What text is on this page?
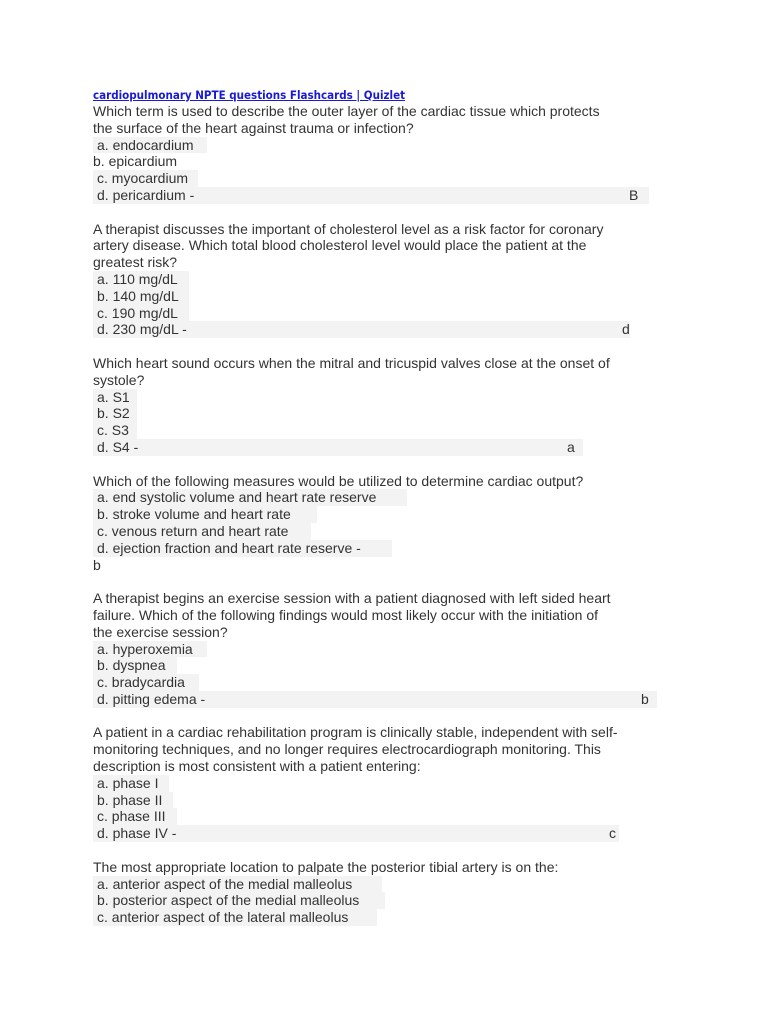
cardiopulmonary NPTE questions Flashcards | Quizlet
Which term is used to describe the outer layer of the cardiac tissue which protects
the surface of the heart against trauma or infection?
a. endocardium
b. epicardium
c. myocardium
d. pericardium -	B
A therapist discusses the important of cholesterol level as a risk factor for coronary
artery disease. Which total blood cholesterol level would place the patient at the
greatest risk?
a. 110 mg/dL
b. 140 mg/dL
c. 190 mg/dL
d. 230 mg/dL -	d
Which heart sound occurs when the mitral and tricuspid valves close at the onset of
systole?
a. S1
b. S2
c. S3
d. S4 -	a
Which of the following measures would be utilized to determine cardiac output?
a. end systolic volume and heart rate reserve
b. stroke volume and heart rate
c. venous return and heart rate
d. ejection fraction and heart rate reserve -
b
A therapist begins an exercise session with a patient diagnosed with left sided heart
failure. Which of the following findings would most likely occur with the initiation of
the exercise session?
a. hyperoxemia
b. dyspnea
c. bradycardia
d. pitting edema -	b
A patient in a cardiac rehabilitation program is clinically stable, independent with self-
monitoring techniques, and no longer requires electrocardiograph monitoring. This
description is most consistent with a patient entering:
a. phase I
b. phase II
c. phase III
d. phase IV -	c
The most appropriate location to palpate the posterior tibial artery is on the:
a. anterior aspect of the medial malleolus
b. posterior aspect of the medial malleolus
c. anterior aspect of the lateral malleolus
